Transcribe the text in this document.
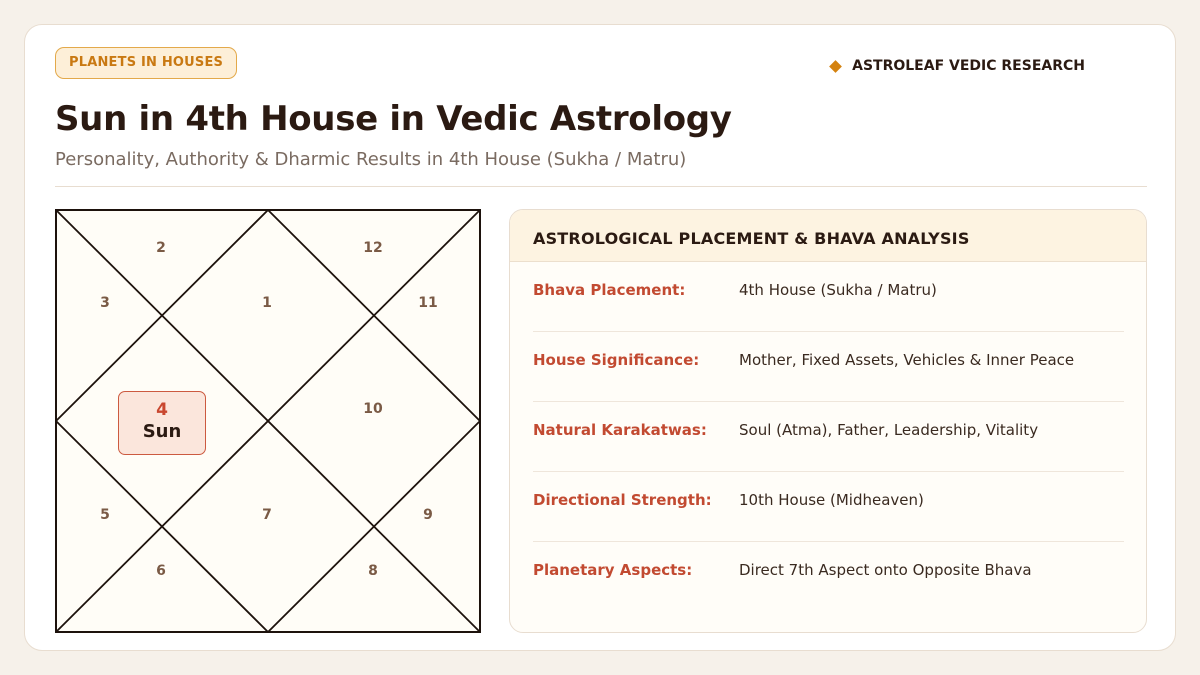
PLANETS IN HOUSES	ASTROLEAF VEDIC RESEARCH
Sun in 4th House in Vedic Astrology
Personality, Authority & Dharmic Results in 4th House (Sukha / Matru)
2	12
3	1	11
10
5	7	9
6	8
4
Sun
ASTROLOGICAL PLACEMENT & BHAVA ANALYSIS
Bhava Placement:	4th House (Sukha / Matru)
House Significance:	Mother, Fixed Assets, Vehicles & Inner Peace
Natural Karakatwas:	Soul (Atma), Father, Leadership, Vitality
Directional Strength:	10th House (Midheaven)
Planetary Aspects:	Direct 7th Aspect onto Opposite Bhava
